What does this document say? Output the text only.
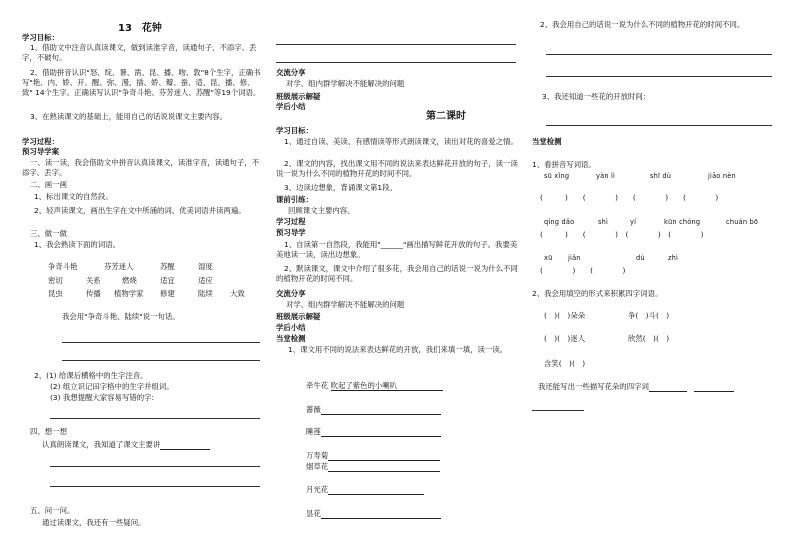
13　花钟
学习目标：
1、借助文中注音认真读课文，做到读准字音，读通句子，不添字、丢字，不破句。
2、借助拼音认识"怒、绽、暑、凿、昆、播、吻、敦"8个生字，正确书写"艳、内、娇、开、醒、弥、漫、插、娇、瓣、蚕、适、昆、播、修、致" 14个生字。正确读写认识"争奇斗艳、芬芳迷人、苏醒"等19个词语。
3、在熟读课文的基础上，能用自己的话说说课文主要内容。
学习过程：
预习导学案
一、读一读，我会借助文中拼音认真读课文，读准字音，读通句子，不添字、丢字。
二、画一画
1、标出课文的自然段。
2、轻声读课文，画出生字在文中所涌的词、优美词语并读两遍。
三、做一做
1、我会熟读下面的词语。
争奇斗艳	芬芳迷人	苏醒	湿度
密切	关系	燃烧	适宜	适应
昆虫	传播 植物学家 修建	陆续 大致
我会用"争奇斗艳、陆续"说一句话。
2、(1) 给课后横格中的生字注音。
(2) 组立识记田字格中的生字并组词。
(3) 我想提醒大家容易写错的字:
四、想一想
认真朗读课文，我知道了课文主要讲
五、问一问。
通过读课文，我还有一些疑问。
交流分享
对学、组内群学解决不能解决的问题
班级展示解疑
学后小结
第二课时
学习目标：
1、通过自读、美读、有感情读等形式朗读课文，读出对花的喜爱之情。
2、课文的内容，找出课文用不同的说法来表达鲜花开放的句子，读一读 说一说为什么不同的植物开花的时间不同。
3、边读边想象，背诵课文第1段。
课前引练：
回顾课文主要内容。
学习过程
预习导学
1、自读第一自然段，我能用"______"画出描写鲜花开放的句子。我要美美地读一读，读出边想象。
2、默读课文，课文中介绍了很多花，我会用自己的话说一说为什么不同的植物开花的时间不同。
交流分享
对学、组内群学解决不能解决的问题
班级展示解疑
学后小结
当堂检测
1、课文用不同的说法来表达鲜花的开放，我们来填一填，读一读。
牵牛花 吹起了紫色的小喇叭
蔷薇
睡莲
万寿菊
烟草花
月光花
昙花
2、我会用自己的话说一说为什么不同的植物开花的时间不同。
3、我还知道一些花的开放时间：
当堂检测
1、看拼音写词语。
sū xǐng	yàn lì	shī dù	jiāo nèn
(　　　)　　(　　　　)　　(　　　　)　　(　　　　)
qíng dǎo	shì	yí	kūn chóng	chuán bō
(　　　)　　(　　　　)　(　　　　)　(　　　　)
xū jiǎn	dú	zhì
(　　　　)　　(　　　　)
2、我会用填空的形式来积累四字词语。
(　)(　)朵朵	争(　)斗(　)
(　)(　)迷人	欣然(　)(　)
含笑(　)(　)
我还能写出一些描写花朵的四字词　
